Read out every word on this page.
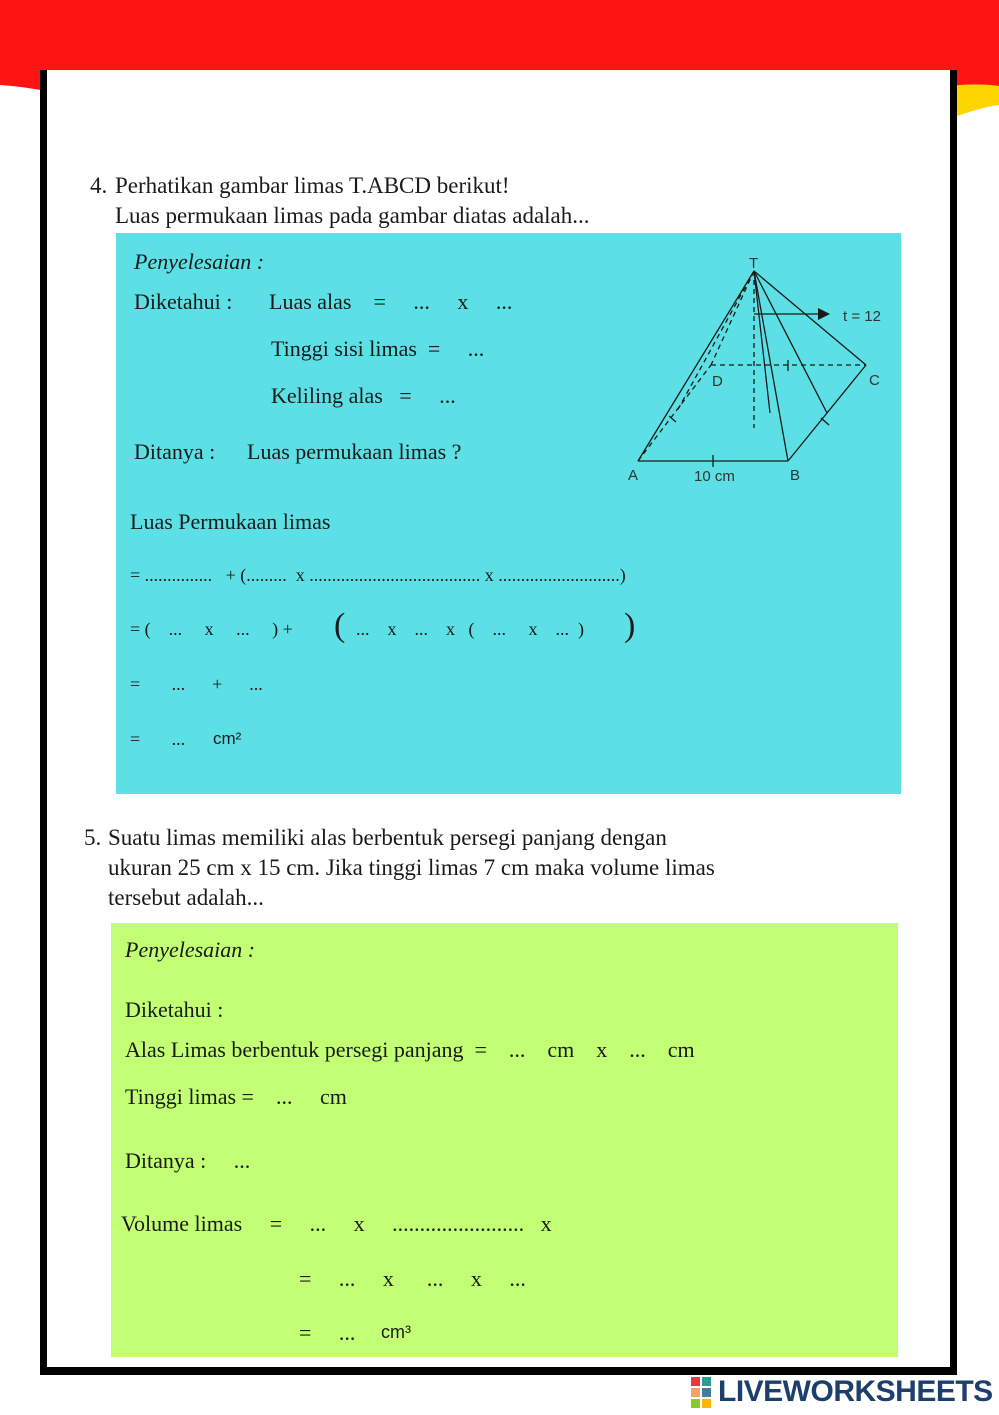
4. Perhatikan gambar limas T.ABCD berikut!
Luas permukaan limas pada gambar diatas adalah...
Penyelesaian :
Diketahui : Luas alas    =     ...     x     ...
Tinggi sisi limas  =     ...
Keliling alas   =     ...
Ditanya : Luas permukaan limas ?
Luas Permukaan limas
= ...............   + (.........  x ...................................... x ...........................)
= (    ...     x     ...     ) + ( ...    x    ...    x   (    ...     x    ...  ) )
=       ...      +      ...
=       ... cm²
T
D	C
A	B
t = 12
10 cm
5. Suatu limas memiliki alas berbentuk persegi panjang dengan
ukuran 25 cm x 15 cm. Jika tinggi limas 7 cm maka volume limas
tersebut adalah...
Penyelesaian :
Diketahui :
Alas Limas berbentuk persegi panjang  =    ...    cm    x    ...    cm
Tinggi limas =    ...     cm
Ditanya :     ...
Volume limas     =     ...     x     ........................   x
=     ...     x      ...     x     ...
=     ... cm³

LIVEWORKSHEETS
